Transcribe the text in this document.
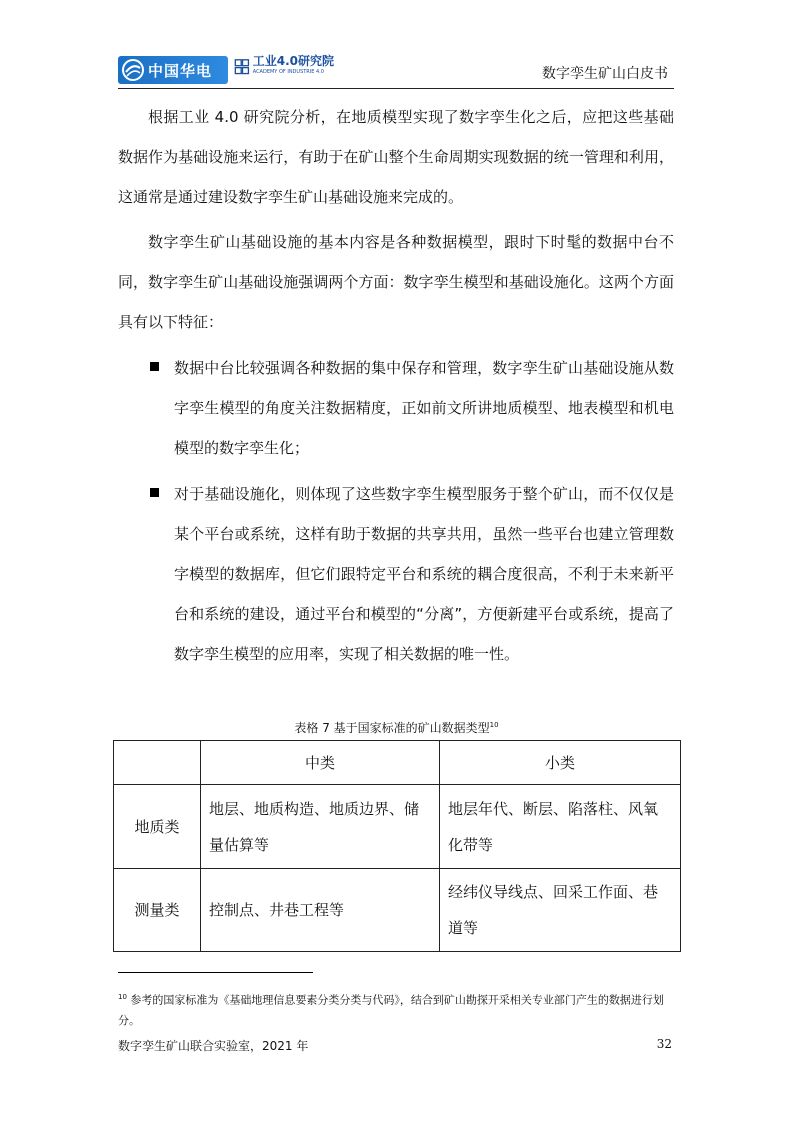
中国华电
工业4.0研究院
ACADEMY OF INDUSTRIE 4.0	数字孪生矿山白皮书
根据工业 4.0 研究院分析，在地质模型实现了数字孪生化之后，应把这些基础数据作为基础设施来运行，有助于在矿山整个生命周期实现数据的统一管理和利用，这通常是通过建设数字孪生矿山基础设施来完成的。
数字孪生矿山基础设施的基本内容是各种数据模型，跟时下时髦的数据中台不同，数字孪生矿山基础设施强调两个方面：数字孪生模型和基础设施化。这两个方面具有以下特征：
数据中台比较强调各种数据的集中保存和管理，数字孪生矿山基础设施从数字孪生模型的角度关注数据精度，正如前文所讲地质模型、地表模型和机电模型的数字孪生化；
对于基础设施化，则体现了这些数字孪生模型服务于整个矿山，而不仅仅是某个平台或系统，这样有助于数据的共享共用，虽然一些平台也建立管理数字模型的数据库，但它们跟特定平台和系统的耦合度很高，不利于未来新平台和系统的建设，通过平台和模型的“分离”，方便新建平台或系统，提高了数字孪生模型的应用率，实现了相关数据的唯一性。
表格 7 基于国家标准的矿山数据类型$^{10}$
	中类	小类
地质类	地层、地质构造、地质边界、储量估算等	地层年代、断层、陷落柱、风氧化带等
测量类	控制点、井巷工程等	经纬仪导线点、回采工作面、巷道等
$^{10}$ 参考的国家标准为《基础地理信息要素分类分类与代码》，结合到矿山勘探开采相关专业部门产生的数据进行划分。
数字孪生矿山联合实验室，2021 年	32
